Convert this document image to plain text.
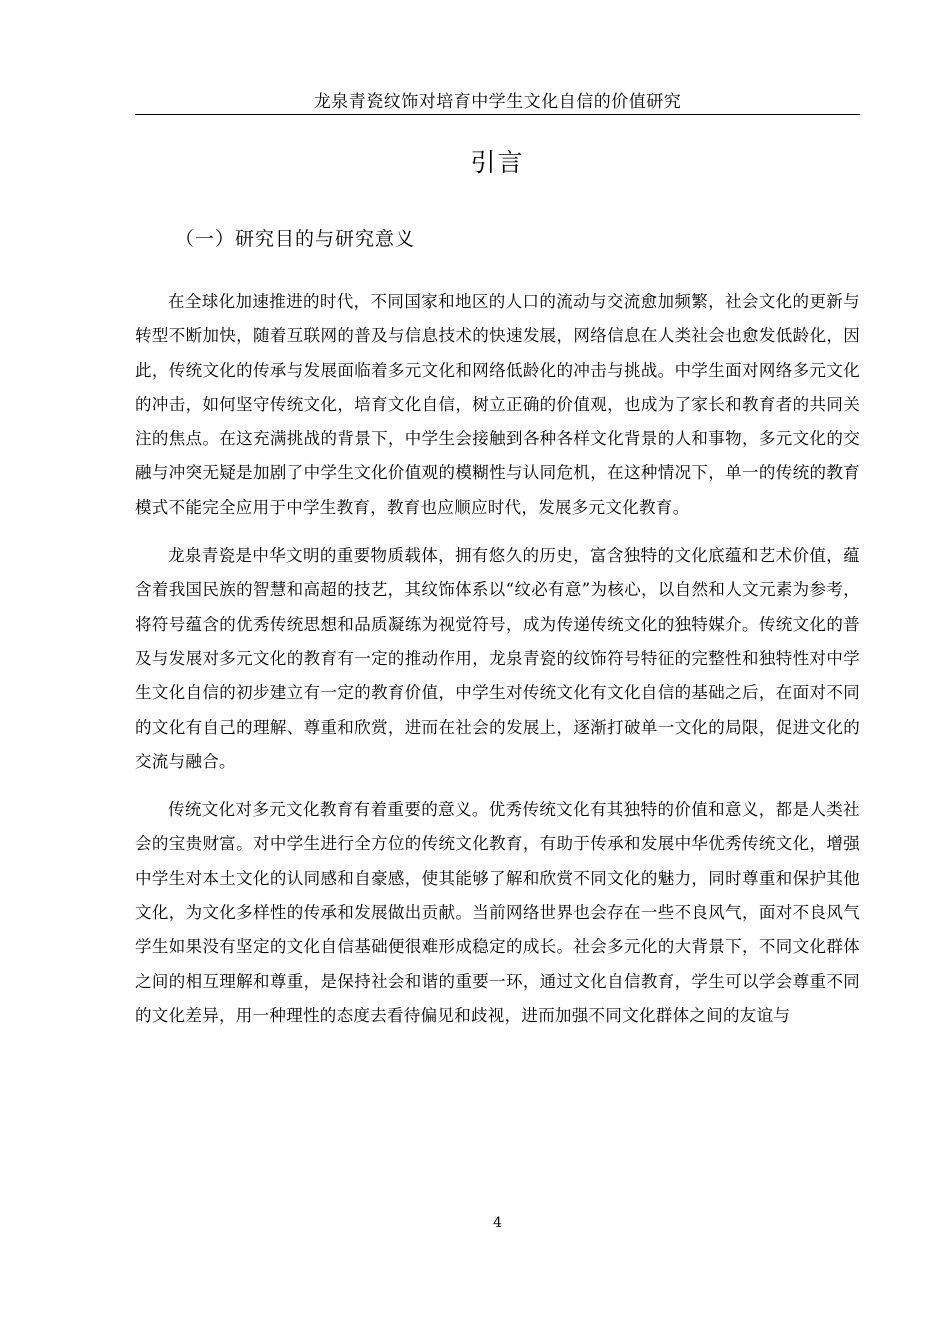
龙泉青瓷纹饰对培育中学生文化自信的价值研究
引言
（一）研究目的与研究意义

在全球化加速推进的时代，不同国家和地区的人口的流动与交流愈加频繁，社会文化的更新与转型不断加快，随着互联网的普及与信息技术的快速发展，网络信息在人类社会也愈发低龄化，因此，传统文化的传承与发展面临着多元文化和网络低龄化的冲击与挑战。中学生面对网络多元文化的冲击，如何坚守传统文化，培育文化自信，树立正确的价值观，也成为了家长和教育者的共同关注的焦点。在这充满挑战的背景下，中学生会接触到各种各样文化背景的人和事物，多元文化的交融与冲突无疑是加剧了中学生文化价值观的模糊性与认同危机，在这种情况下，单一的传统的教育模式不能完全应用于中学生教育，教育也应顺应时代，发展多元文化教育。

龙泉青瓷是中华文明的重要物质载体，拥有悠久的历史，富含独特的文化底蕴和艺术价值，蕴含着我国民族的智慧和高超的技艺，其纹饰体系以“纹必有意”为核心，以自然和人文元素为参考，将符号蕴含的优秀传统思想和品质凝练为视觉符号，成为传递传统文化的独特媒介。传统文化的普及与发展对多元文化的教育有一定的推动作用，龙泉青瓷的纹饰符号特征的完整性和独特性对中学生文化自信的初步建立有一定的教育价值，中学生对传统文化有文化自信的基础之后，在面对不同的文化有自己的理解、尊重和欣赏，进而在社会的发展上，逐渐打破单一文化的局限，促进文化的交流与融合。

传统文化对多元文化教育有着重要的意义。优秀传统文化有其独特的价值和意义，都是人类社会的宝贵财富。对中学生进行全方位的传统文化教育，有助于传承和发展中华优秀传统文化，增强中学生对本土文化的认同感和自豪感，使其能够了解和欣赏不同文化的魅力，同时尊重和保护其他文化，为文化多样性的传承和发展做出贡献。当前网络世界也会存在一些不良风气，面对不良风气学生如果没有坚定的文化自信基础便很难形成稳定的成长。社会多元化的大背景下，不同文化群体之间的相互理解和尊重，是保持社会和谐的重要一环，通过文化自信教育，学生可以学会尊重不同的文化差异，用一种理性的态度去看待偏见和歧视，进而加强不同文化群体之间的友谊与

4
